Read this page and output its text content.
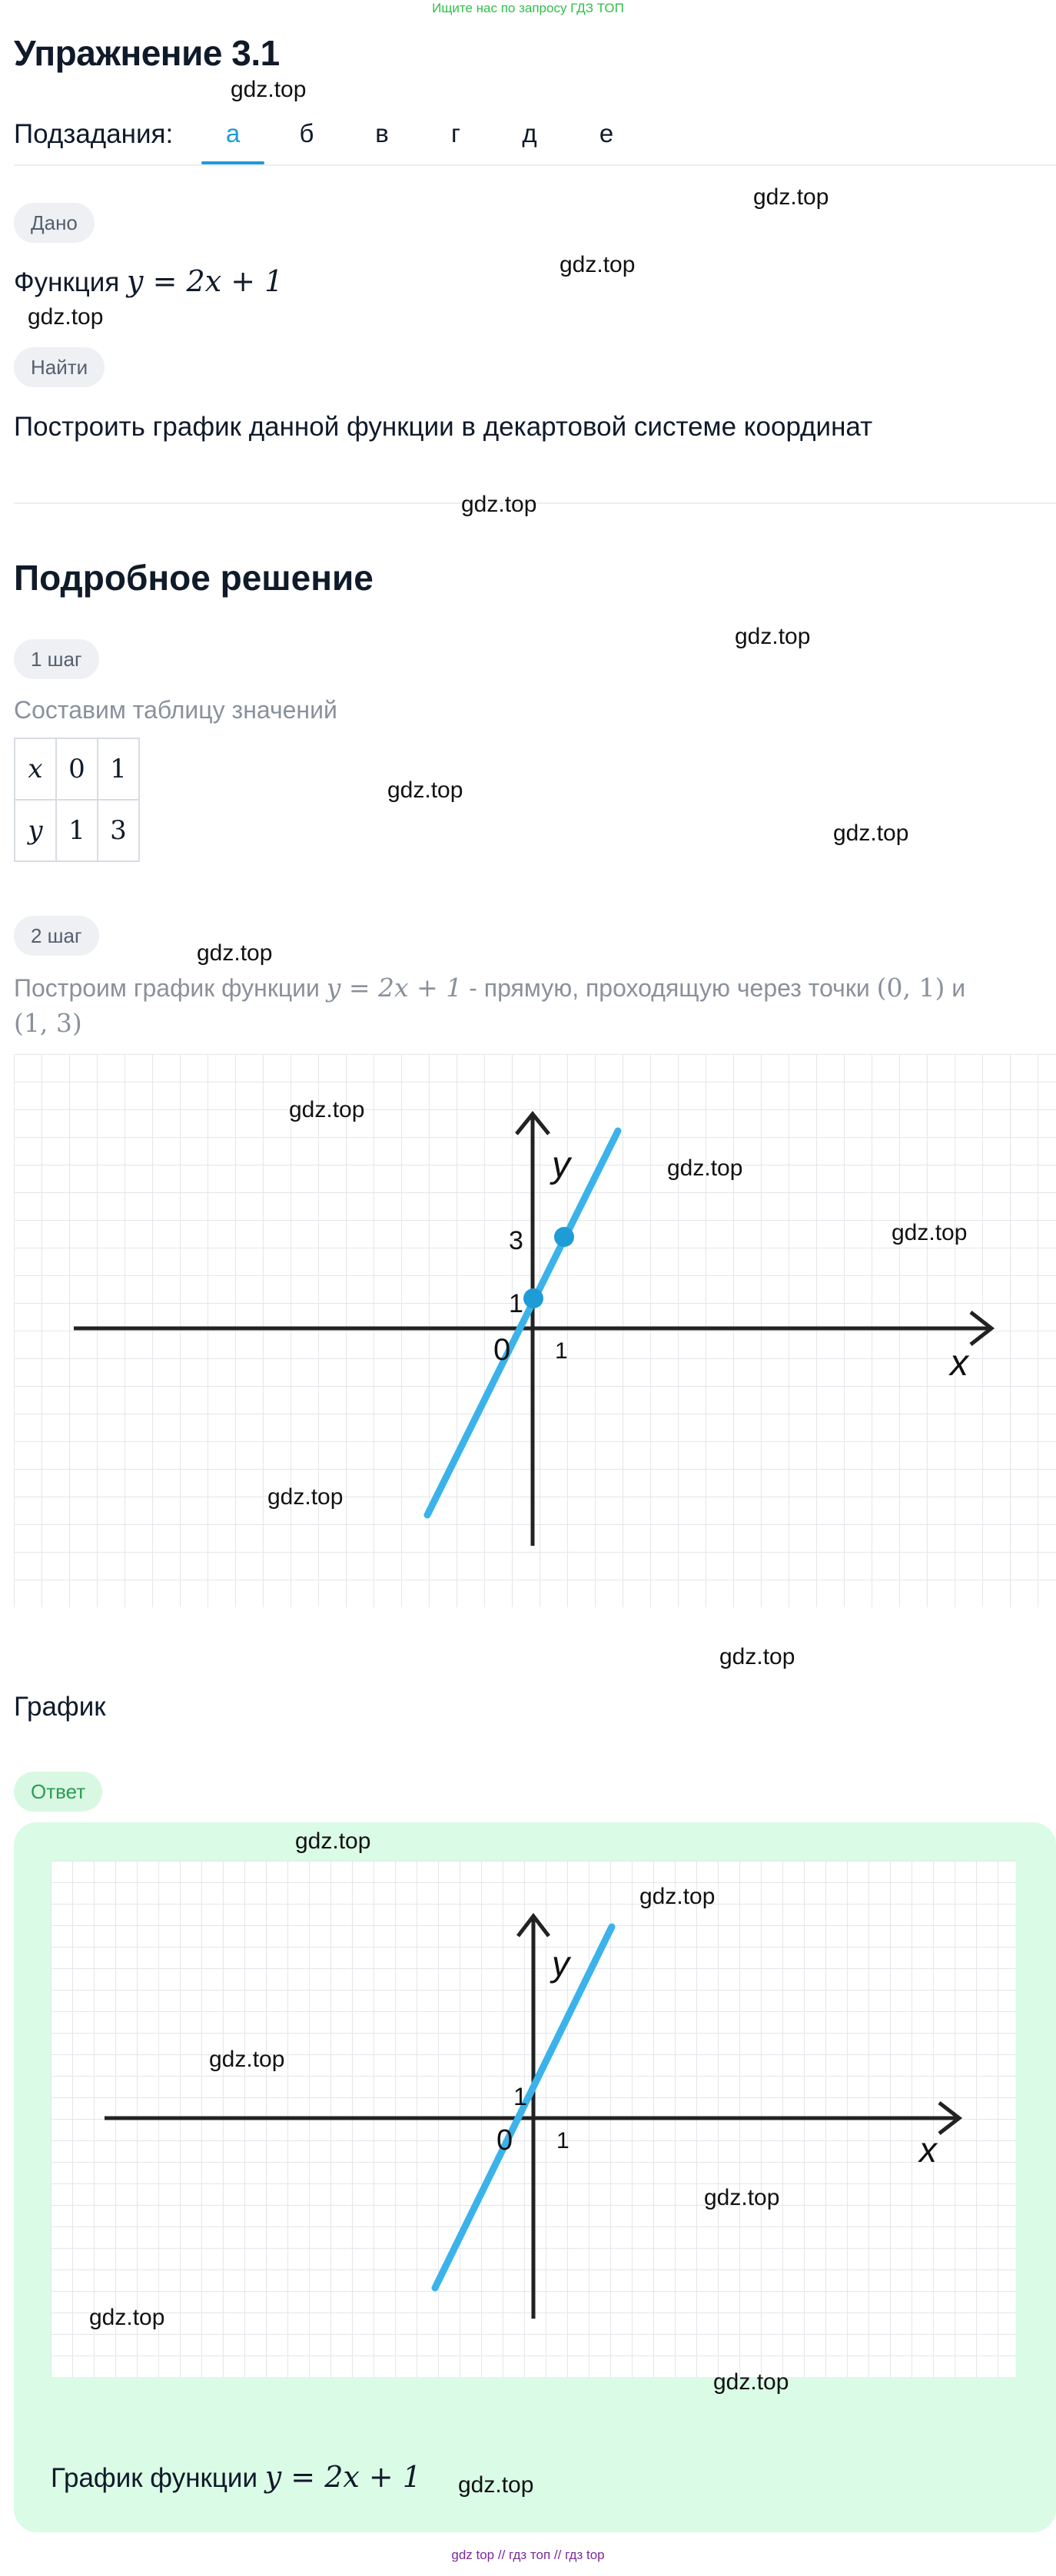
Ищите нас по запросу ГДЗ ТОП
Упражнение 3.1
Подзадания:	а	б	в	г	д	е
Дано
Функция y = 2x + 1
Найти
Построить график данной функции в декартовой системе координат
Подробное решение
1 шаг
Составим таблицу значений
x	0	1
y	1	3
2 шаг
Построим график функции y = 2x + 1 - прямую, проходящую через точки (0, 1) и
(1, 3)
x
y
0 1
1
3
График
Ответ
x
y
0 1
1
График функции y = 2x + 1
gdz.top
gdz.top
gdz.top
gdz.top
gdz.top
gdz.top
gdz.top
gdz.top
gdz.top
gdz.top
gdz.top
gdz.top
gdz.top
gdz.top
gdz.top
gdz.top
gdz.top
gdz.top
gdz.top
gdz.top
gdz.top
gdz top // гдз топ // гдз top
